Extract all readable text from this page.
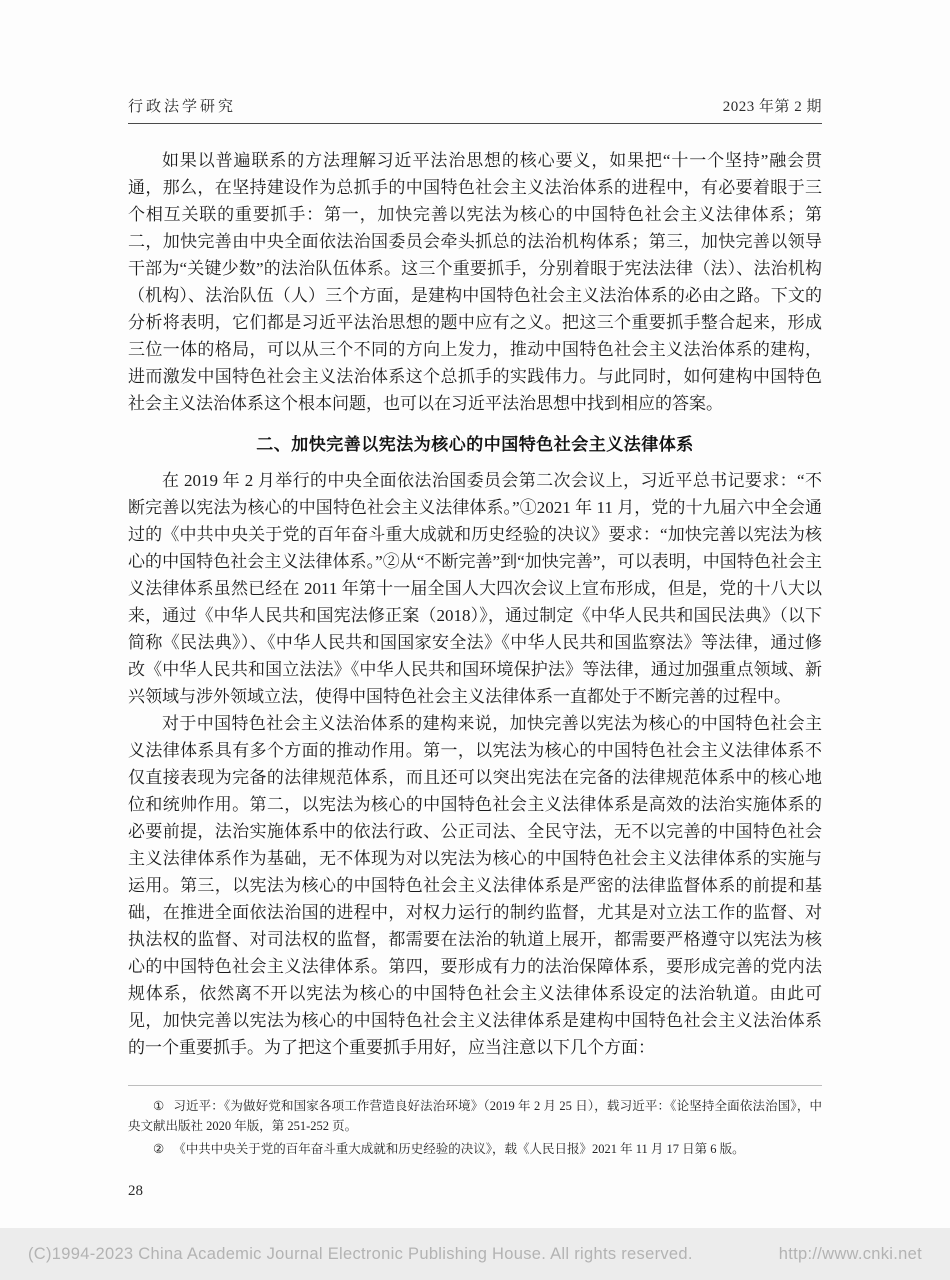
行政法学研究	2023 年第 2 期

如果以普遍联系的方法理解习近平法治思想的核心要义，如果把“十一个坚持”融会贯通，那么，在坚持建设作为总抓手的中国特色社会主义法治体系的进程中，有必要着眼于三个相互关联的重要抓手：第一，加快完善以宪法为核心的中国特色社会主义法律体系；第二，加快完善由中央全面依法治国委员会牵头抓总的法治机构体系；第三，加快完善以领导干部为“关键少数”的法治队伍体系。这三个重要抓手，分别着眼于宪法法律（法）、法治机构（机构）、法治队伍（人）三个方面，是建构中国特色社会主义法治体系的必由之路。下文的分析将表明，它们都是习近平法治思想的题中应有之义。把这三个重要抓手整合起来，形成三位一体的格局，可以从三个不同的方向上发力，推动中国特色社会主义法治体系的建构，进而激发中国特色社会主义法治体系这个总抓手的实践伟力。与此同时，如何建构中国特色社会主义法治体系这个根本问题，也可以在习近平法治思想中找到相应的答案。

二、加快完善以宪法为核心的中国特色社会主义法律体系

在 2019 年 2 月举行的中央全面依法治国委员会第二次会议上，习近平总书记要求：“不断完善以宪法为核心的中国特色社会主义法律体系。”①2021 年 11 月，党的十九届六中全会通过的《中共中央关于党的百年奋斗重大成就和历史经验的决议》要求：“加快完善以宪法为核心的中国特色社会主义法律体系。”②从“不断完善”到“加快完善”，可以表明，中国特色社会主义法律体系虽然已经在 2011 年第十一届全国人大四次会议上宣布形成，但是，党的十八大以来，通过《中华人民共和国宪法修正案（2018）》，通过制定《中华人民共和国民法典》（以下简称《民法典》）、《中华人民共和国国家安全法》《中华人民共和国监察法》等法律，通过修改《中华人民共和国立法法》《中华人民共和国环境保护法》等法律，通过加强重点领域、新兴领域与涉外领域立法，使得中国特色社会主义法律体系一直都处于不断完善的过程中。

对于中国特色社会主义法治体系的建构来说，加快完善以宪法为核心的中国特色社会主义法律体系具有多个方面的推动作用。第一，以宪法为核心的中国特色社会主义法律体系不仅直接表现为完备的法律规范体系，而且还可以突出宪法在完备的法律规范体系中的核心地位和统帅作用。第二，以宪法为核心的中国特色社会主义法律体系是高效的法治实施体系的必要前提，法治实施体系中的依法行政、公正司法、全民守法，无不以完善的中国特色社会主义法律体系作为基础，无不体现为对以宪法为核心的中国特色社会主义法律体系的实施与运用。第三，以宪法为核心的中国特色社会主义法律体系是严密的法律监督体系的前提和基础，在推进全面依法治国的进程中，对权力运行的制约监督，尤其是对立法工作的监督、对执法权的监督、对司法权的监督，都需要在法治的轨道上展开，都需要严格遵守以宪法为核心的中国特色社会主义法律体系。第四，要形成有力的法治保障体系，要形成完善的党内法规体系，依然离不开以宪法为核心的中国特色社会主义法律体系设定的法治轨道。由此可见，加快完善以宪法为核心的中国特色社会主义法律体系是建构中国特色社会主义法治体系的一个重要抓手。为了把这个重要抓手用好，应当注意以下几个方面：

① 习近平：《为做好党和国家各项工作营造良好法治环境》（2019 年 2 月 25 日），载习近平：《论坚持全面依法治国》，中央文献出版社 2020 年版，第 251-252 页。

② 《中共中央关于党的百年奋斗重大成就和历史经验的决议》，载《人民日报》2021 年 11 月 17 日第 6 版。

28
(C)1994-2023 China Academic Journal Electronic Publishing House. All rights reserved.	http://www.cnki.net
